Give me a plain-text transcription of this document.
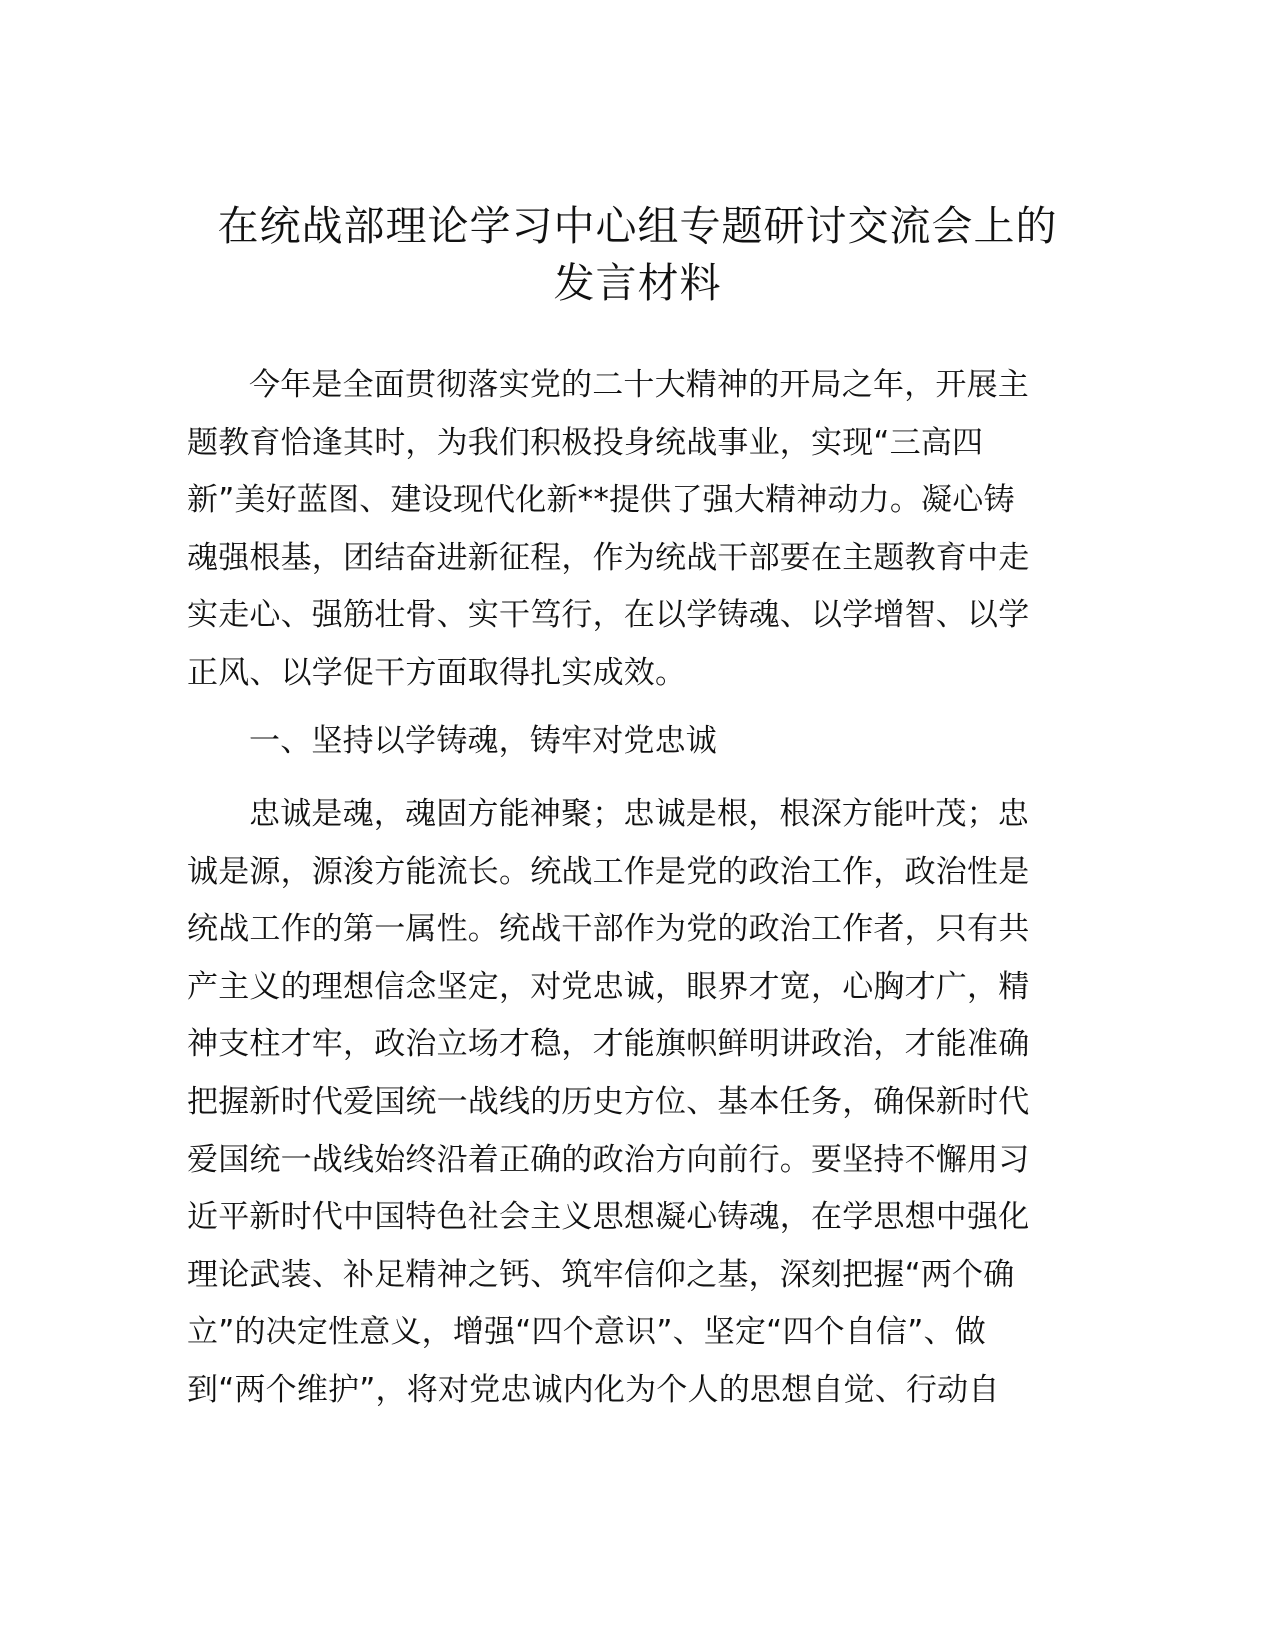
在统战部理论学习中心组专题研讨交流会上的
发言材料

今年是全面贯彻落实党的二十大精神的开局之年，开展主
题教育恰逢其时，为我们积极投身统战事业，实现“三高四
新”美好蓝图、建设现代化新**提供了强大精神动力。凝心铸
魂强根基，团结奋进新征程，作为统战干部要在主题教育中走
实走心、强筋壮骨、实干笃行，在以学铸魂、以学增智、以学
正风、以学促干方面取得扎实成效。

一、坚持以学铸魂，铸牢对党忠诚

忠诚是魂，魂固方能神聚；忠诚是根，根深方能叶茂；忠
诚是源，源浚方能流长。统战工作是党的政治工作，政治性是
统战工作的第一属性。统战干部作为党的政治工作者，只有共
产主义的理想信念坚定，对党忠诚，眼界才宽，心胸才广，精
神支柱才牢，政治立场才稳，才能旗帜鲜明讲政治，才能准确
把握新时代爱国统一战线的历史方位、基本任务，确保新时代
爱国统一战线始终沿着正确的政治方向前行。要坚持不懈用习
近平新时代中国特色社会主义思想凝心铸魂，在学思想中强化
理论武装、补足精神之钙、筑牢信仰之基，深刻把握“两个确
立”的决定性意义，增强“四个意识”、坚定“四个自信”、做
到“两个维护”，将对党忠诚内化为个人的思想自觉、行动自
